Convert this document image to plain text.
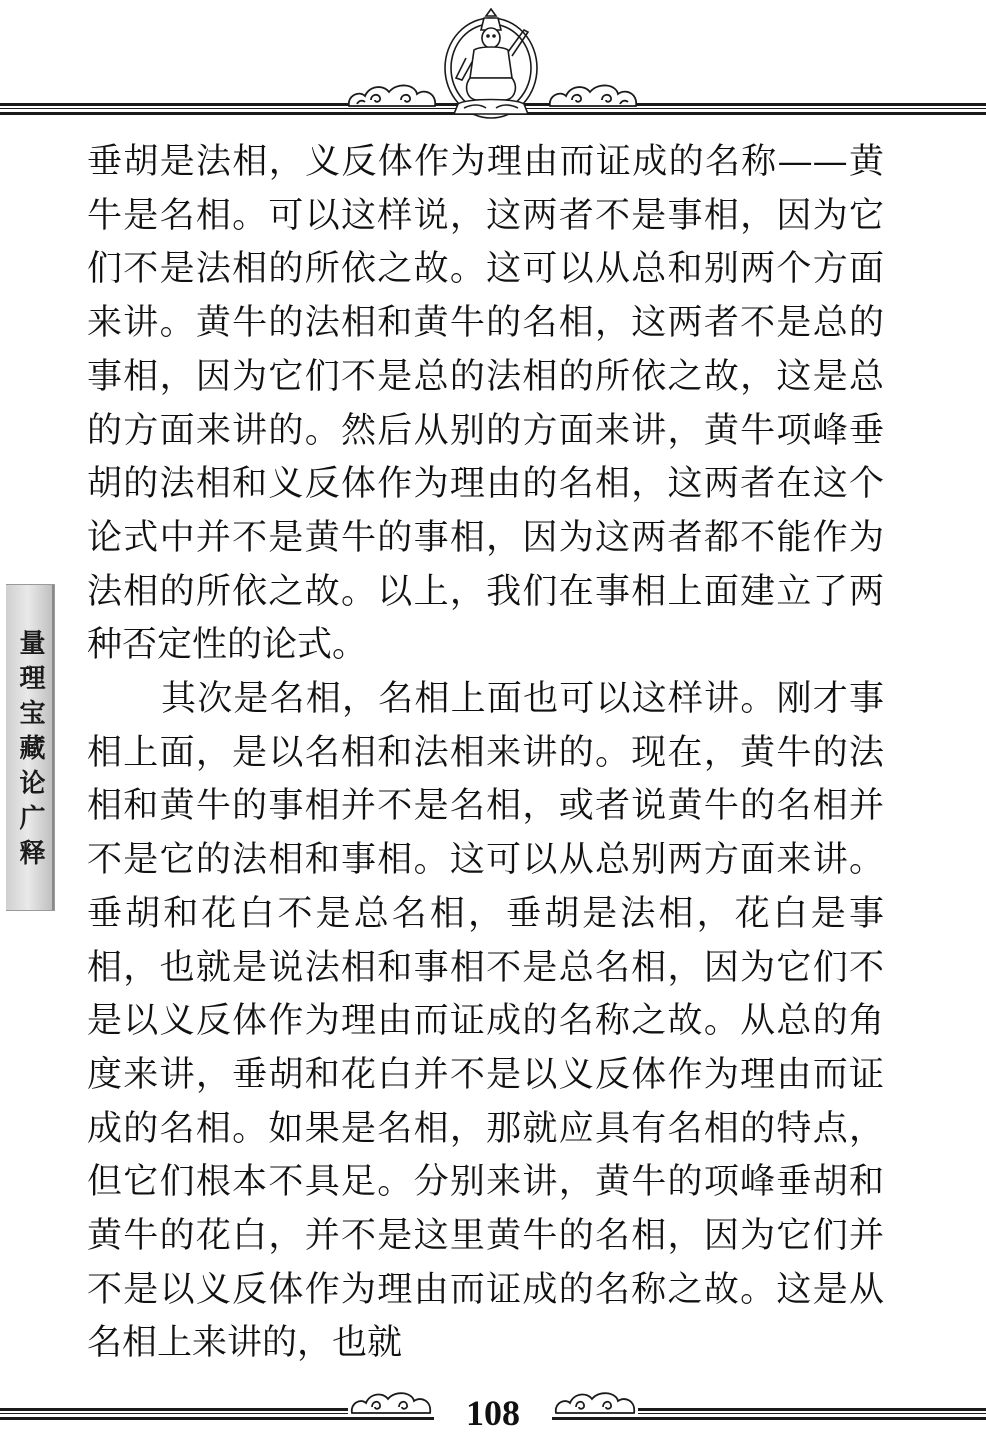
量理宝藏论广释

垂胡是法相，义反体作为理由而证成的名称——黄牛是名相。可以这样说，这两者不是事相，因为它们不是法相的所依之故。这可以从总和别两个方面来讲。黄牛的法相和黄牛的名相，这两者不是总的事相，因为它们不是总的法相的所依之故，这是总的方面来讲的。然后从别的方面来讲，黄牛项峰垂胡的法相和义反体作为理由的名相，这两者在这个论式中并不是黄牛的事相，因为这两者都不能作为法相的所依之故。以上，我们在事相上面建立了两种否定性的论式。

其次是名相，名相上面也可以这样讲。刚才事相上面，是以名相和法相来讲的。现在，黄牛的法相和黄牛的事相并不是名相，或者说黄牛的名相并不是它的法相和事相。这可以从总别两方面来讲。垂胡和花白不是总名相，垂胡是法相，花白是事相，也就是说法相和事相不是总名相，因为它们不是以义反体作为理由而证成的名称之故。从总的角度来讲，垂胡和花白并不是以义反体作为理由而证成的名相。如果是名相，那就应具有名相的特点，但它们根本不具足。分别来讲，黄牛的项峰垂胡和黄牛的花白，并不是这里黄牛的名相，因为它们并不是以义反体作为理由而证成的名称之故。这是从名相上来讲的，也就

108
